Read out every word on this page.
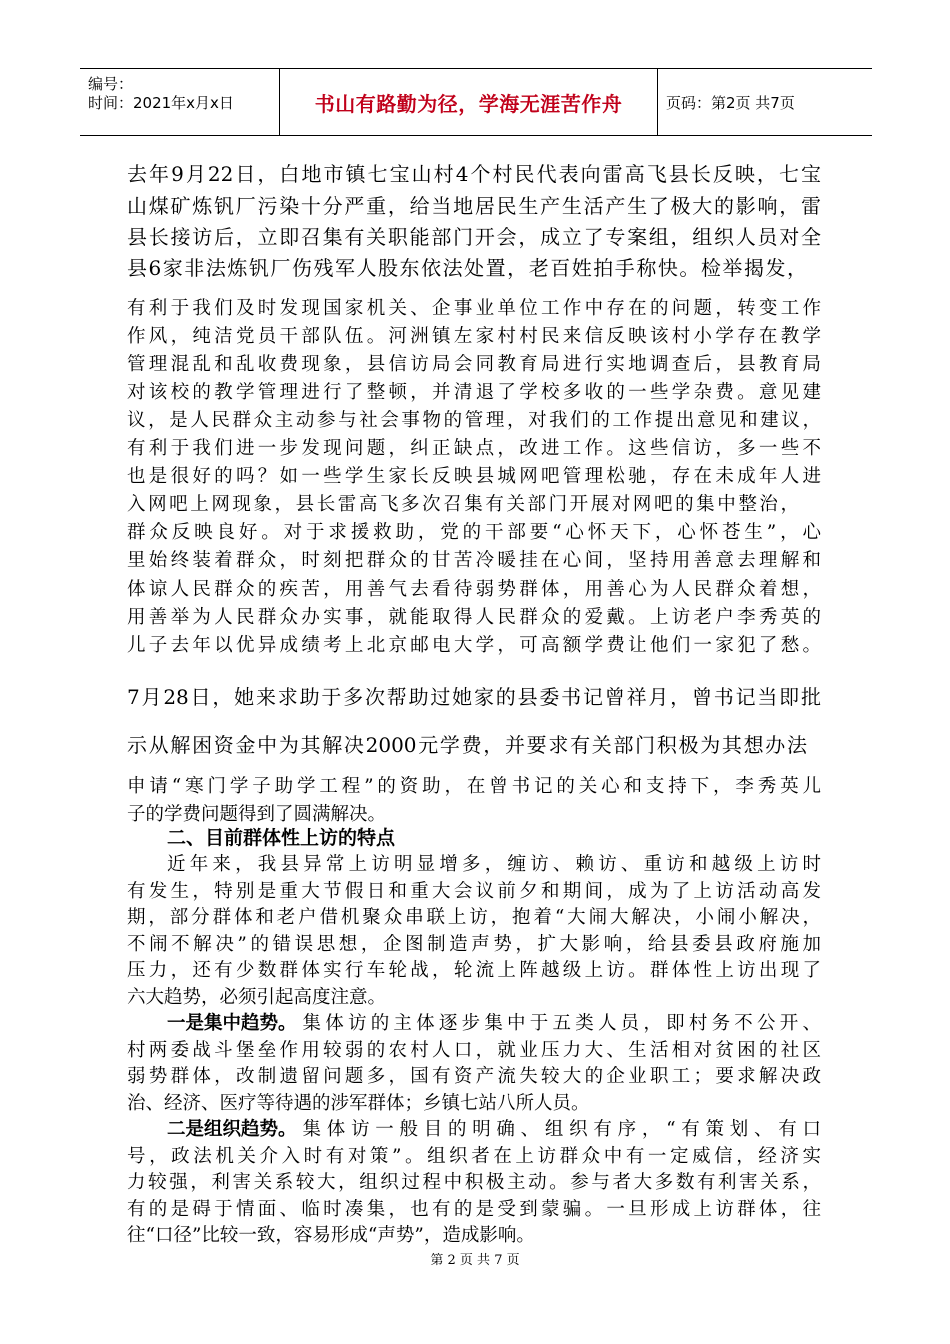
编号：
时间：2021年x月x日	书山有路勤为径，学海无涯苦作舟	页码：第2页 共7页
去年9月22日，白地市镇七宝山村4个村民代表向雷高飞县长反映，七宝
山煤矿炼钒厂污染十分严重，给当地居民生产生活产生了极大的影响，雷
县长接访后，立即召集有关职能部门开会，成立了专案组，组织人员对全
县6家非法炼钒厂伤残军人股东依法处置，老百姓拍手称快。检举揭发，
有利于我们及时发现国家机关、企事业单位工作中存在的问题，转变工作
作风，纯洁党员干部队伍。河洲镇左家村村民来信反映该村小学存在教学
管理混乱和乱收费现象，县信访局会同教育局进行实地调查后，县教育局
对该校的教学管理进行了整顿，并清退了学校多收的一些学杂费。意见建
议，是人民群众主动参与社会事物的管理，对我们的工作提出意见和建议，
有利于我们进一步发现问题，纠正缺点，改进工作。这些信访，多一些不
也是很好的吗？如一些学生家长反映县城网吧管理松驰，存在未成年人进
入网吧上网现象，县长雷高飞多次召集有关部门开展对网吧的集中整治，
群众反映良好。对于求援救助，党的干部要“心怀天下，心怀苍生”，心
里始终装着群众，时刻把群众的甘苦冷暖挂在心间，坚持用善意去理解和
体谅人民群众的疾苦，用善气去看待弱势群体，用善心为人民群众着想，
用善举为人民群众办实事，就能取得人民群众的爱戴。上访老户李秀英的
儿子去年以优异成绩考上北京邮电大学，可高额学费让他们一家犯了愁。
7月28日，她来求助于多次帮助过她家的县委书记曾祥月，曾书记当即批
示从解困资金中为其解决2000元学费，并要求有关部门积极为其想办法
申请“寒门学子助学工程”的资助，在曾书记的关心和支持下，李秀英儿
子的学费问题得到了圆满解决。
二、目前群体性上访的特点
近年来，我县异常上访明显增多，缠访、赖访、重访和越级上访时
有发生，特别是重大节假日和重大会议前夕和期间，成为了上访活动高发
期，部分群体和老户借机聚众串联上访，抱着“大闹大解决，小闹小解决，
不闹不解决”的错误思想，企图制造声势，扩大影响，给县委县政府施加
压力，还有少数群体实行车轮战，轮流上阵越级上访。群体性上访出现了
六大趋势，必须引起高度注意。
一是集中趋势。 集体访的主体逐步集中于五类人员，即村务不公开、
村两委战斗堡垒作用较弱的农村人口，就业压力大、生活相对贫困的社区
弱势群体，改制遗留问题多，国有资产流失较大的企业职工；要求解决政
治、经济、医疗等待遇的涉军群体；乡镇七站八所人员。
二是组织趋势。 集体访一般目的明确、组织有序，“有策划、有口
号，政法机关介入时有对策”。组织者在上访群众中有一定威信，经济实
力较强，利害关系较大，组织过程中积极主动。参与者大多数有利害关系，
有的是碍于情面、临时凑集，也有的是受到蒙骗。一旦形成上访群体，往
往“口径”比较一致，容易形成“声势”，造成影响。
第 2 页 共 7 页
